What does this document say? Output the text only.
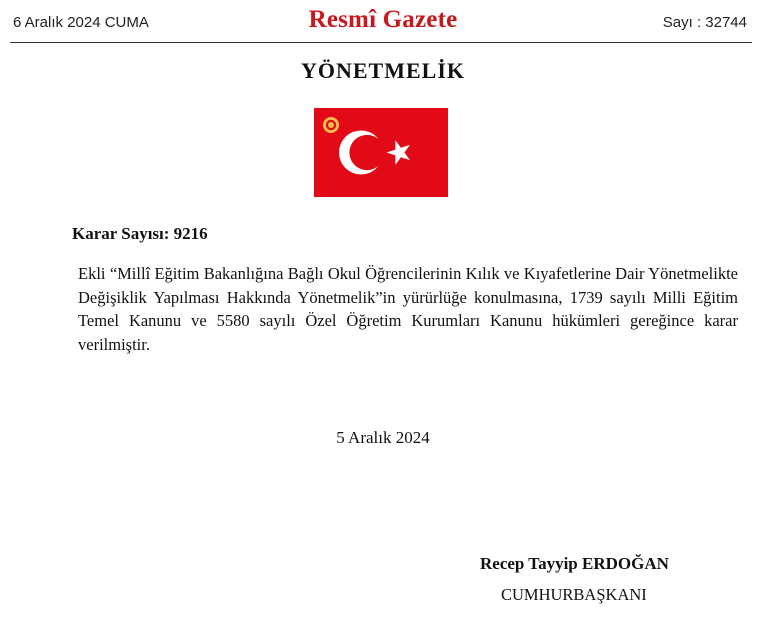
6 Aralık 2024 CUMA	Resmî Gazete	Sayı : 32744
YÖNETMELİK
Karar Sayısı: 9216
Ekli “Millî Eğitim Bakanlığına Bağlı Okul Öğrencilerinin Kılık ve Kıyafetlerine Dair Yönetmelikte Değişiklik Yapılması Hakkında Yönetmelik”in yürürlüğe konulmasına, 1739 sayılı Milli Eğitim Temel Kanunu ve 5580 sayılı Özel Öğretim Kurumları Kanunu hükümleri gereğince karar verilmiştir.
5 Aralık 2024
Recep Tayyip ERDOĞAN
CUMHURBAŞKANI
